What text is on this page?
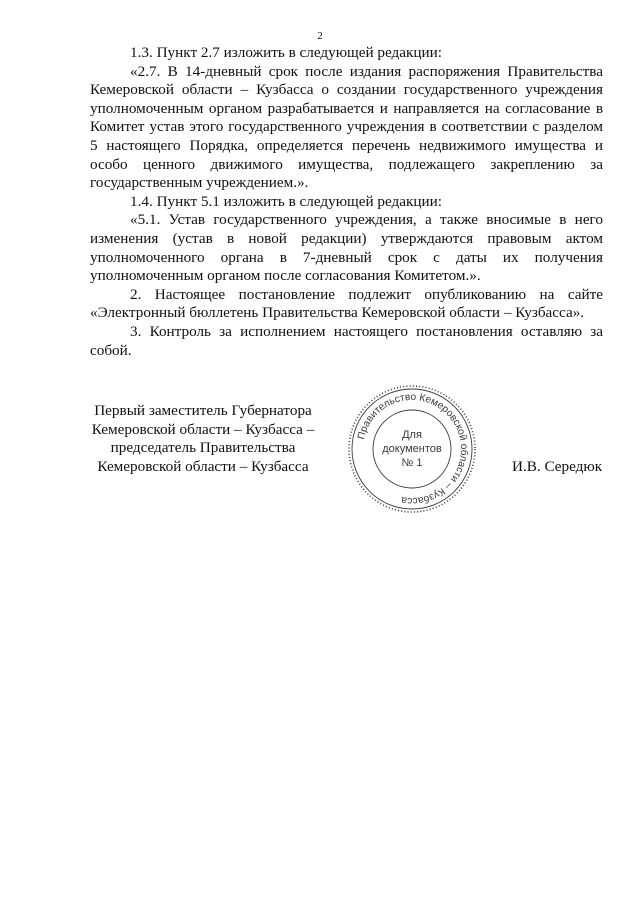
2

1.3. Пункт 2.7 изложить в следующей редакции:

«2.7. В 14-дневный срок после издания распоряжения Правительства Кемеровской области – Кузбасса о создании государственного учреждения уполномоченным органом разрабатывается и направляется на согласование в Комитет устав этого государственного учреждения в соответствии с разделом 5 настоящего Порядка, определяется перечень недвижимого имущества и особо ценного движимого имущества, подлежащего закреплению за государственным учреждением.».

1.4. Пункт 5.1 изложить в следующей редакции:

«5.1. Устав государственного учреждения, а также вносимые в него изменения (устав в новой редакции) утверждаются правовым актом уполномоченного органа в 7-дневный срок с даты их получения уполномоченным органом после согласования Комитетом.».

2. Настоящее постановление подлежит опубликованию на сайте «Электронный бюллетень Правительства Кемеровской области – Кузбасса».

3. Контроль за исполнением настоящего постановления оставляю за собой.

Первый заместитель Губернатора
Кемеровской области – Кузбасса –
председатель Правительства
Кемеровской области – Кузбасса
Правительство Кемеровской области – Кузбасса
Для
документов
№ 1	И.В. Середюк
